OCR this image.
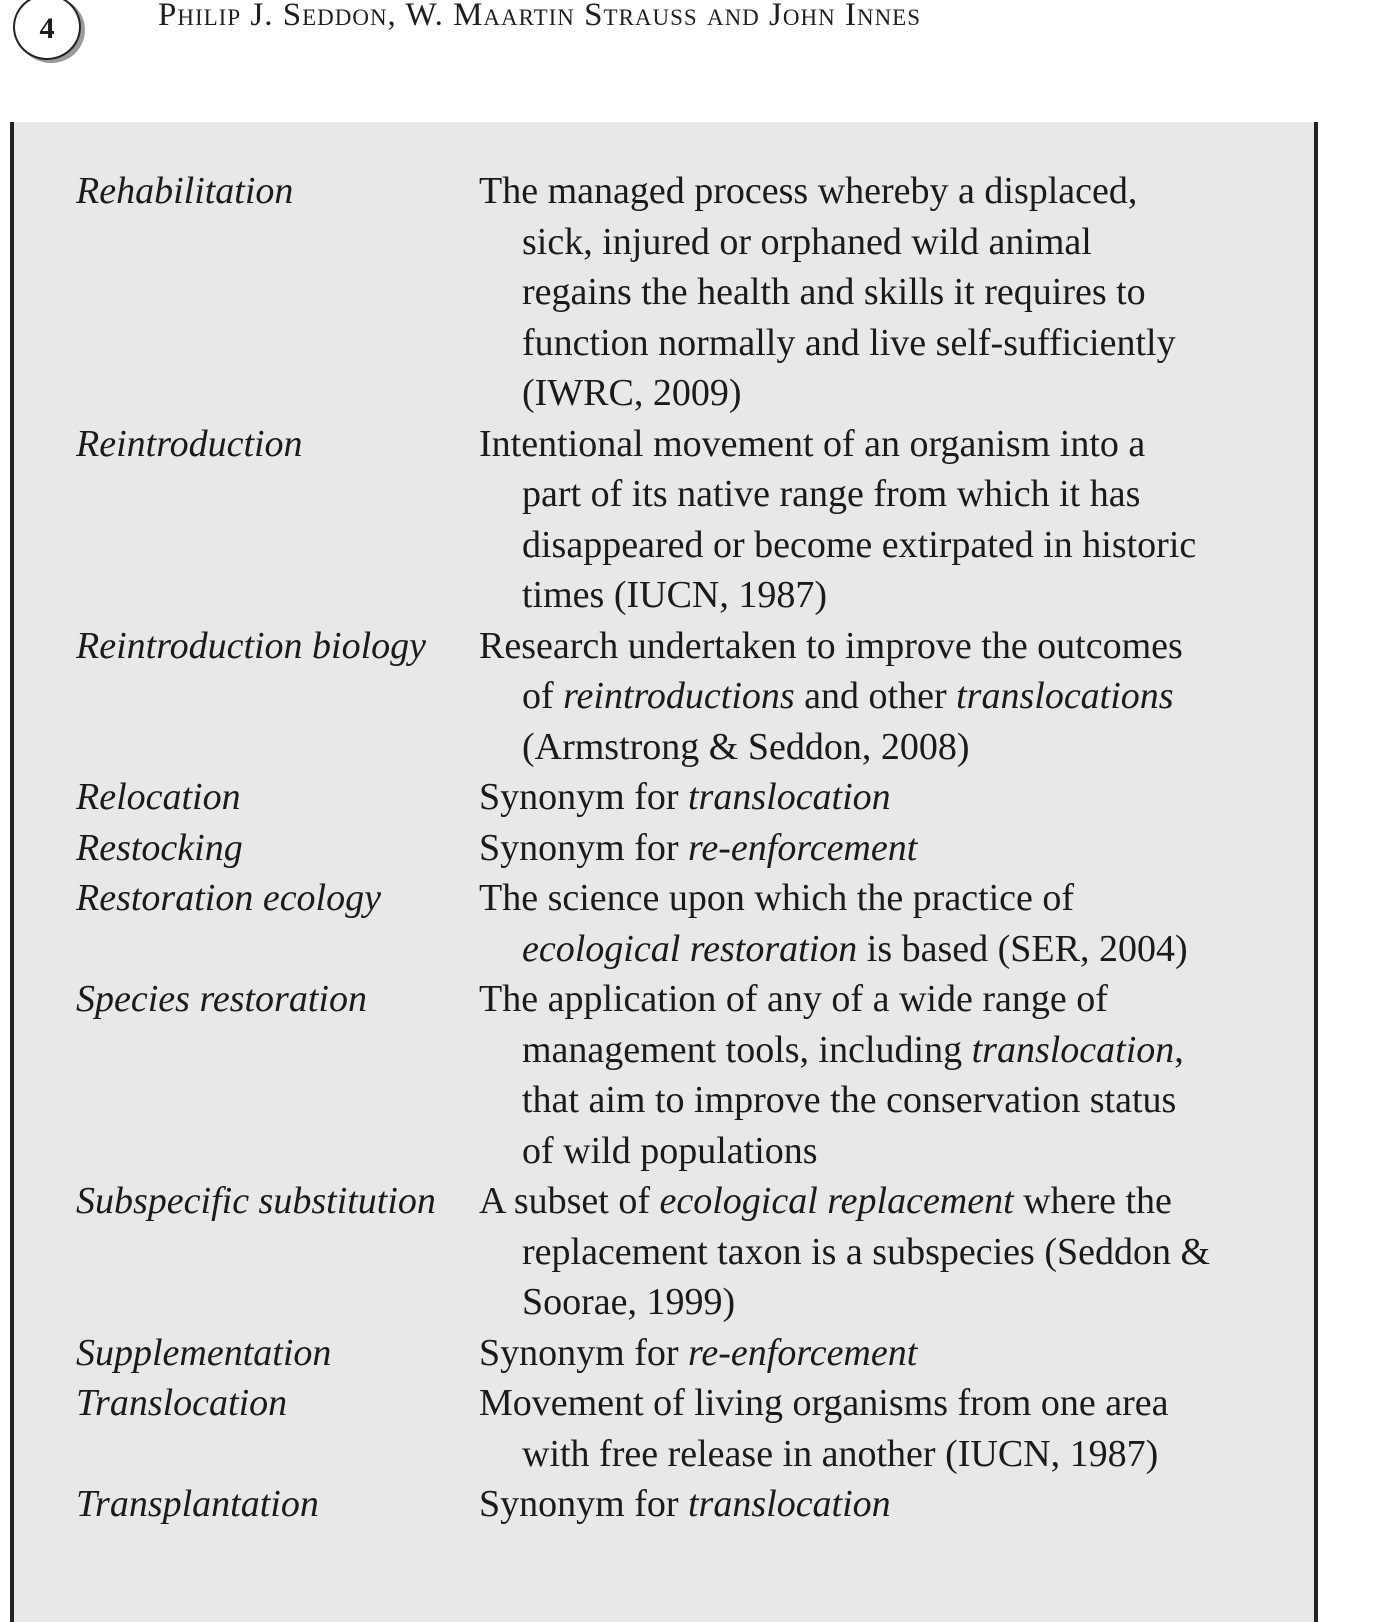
4	Philip J. Seddon, W. Maartin Strauss and John Innes
Rehabilitation	The managed process whereby a displaced,
sick, injured or orphaned wild animal
regains the health and skills it requires to
function normally and live self-sufficiently
(IWRC, 2009)
Reintroduction	Intentional movement of an organism into a
part of its native range from which it has
disappeared or become extirpated in historic
times (IUCN, 1987)
Reintroduction biology	Research undertaken to improve the outcomes
of reintroductions and other translocations
(Armstrong & Seddon, 2008)
Relocation	Synonym for translocation
Restocking	Synonym for re-enforcement
Restoration ecology	The science upon which the practice of
ecological restoration is based (SER, 2004)
Species restoration	The application of any of a wide range of
management tools, including translocation,
that aim to improve the conservation status
of wild populations
Subspecific substitution	A subset of ecological replacement where the
replacement taxon is a subspecies (Seddon &
Soorae, 1999)
Supplementation	Synonym for re-enforcement
Translocation	Movement of living organisms from one area
with free release in another (IUCN, 1987)
Transplantation	Synonym for translocation
